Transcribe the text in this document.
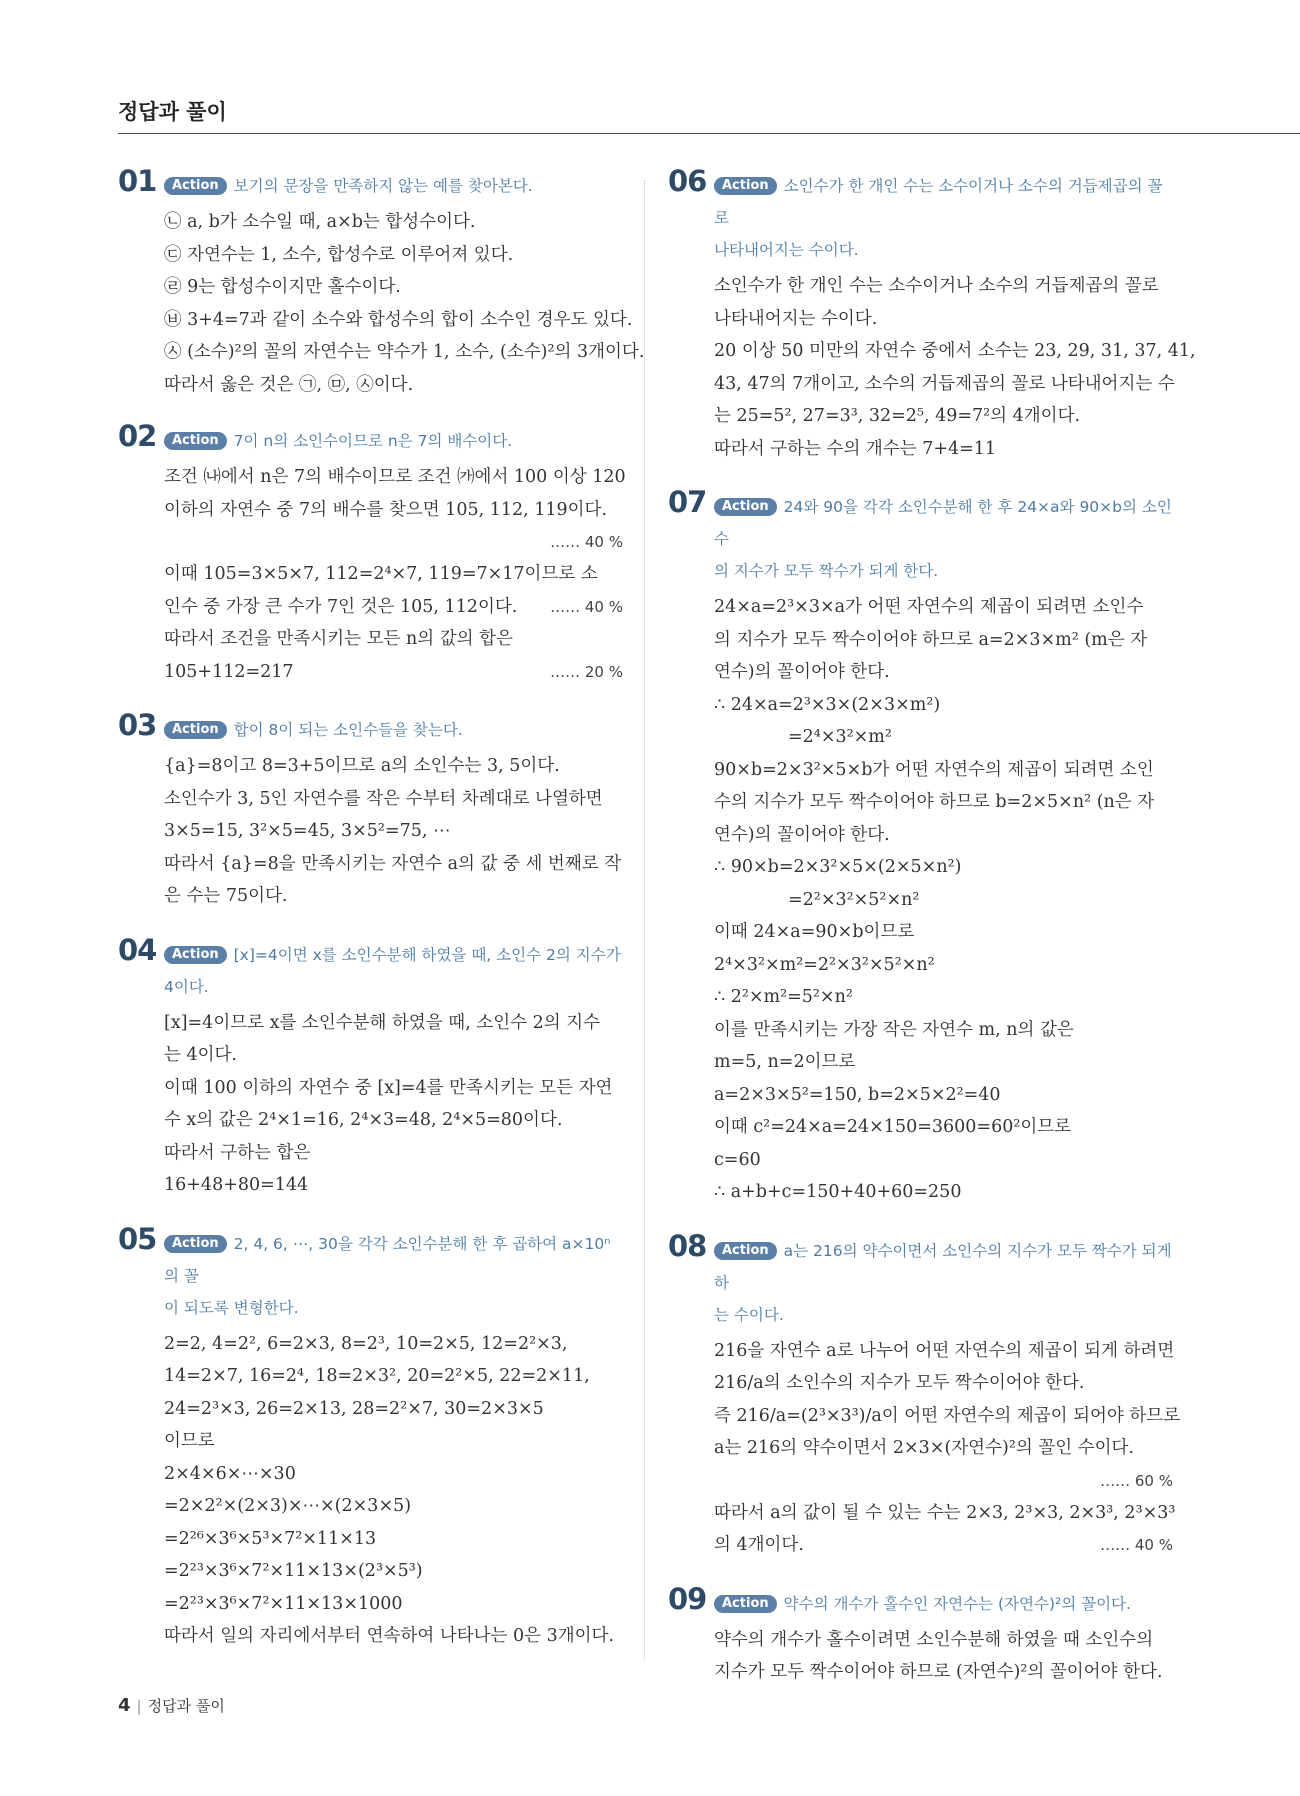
정답과 풀이
01	Action 보기의 문장을 만족하지 않는 예를 찾아본다.
㉡ a, b가 소수일 때, a×b는 합성수이다.
㉢ 자연수는 1, 소수, 합성수로 이루어져 있다.
㉣ 9는 합성수이지만 홀수이다.
㉥ 3+4=7과 같이 소수와 합성수의 합이 소수인 경우도 있다.
㉦ (소수)²의 꼴의 자연수는 약수가 1, 소수, (소수)²의 3개이다.
따라서 옳은 것은 ㉠, ㉤, ㉦이다.
02	Action 7이 n의 소인수이므로 n은 7의 배수이다.
조건 ㈏에서 n은 7의 배수이므로 조건 ㈎에서 100 이상 120
이하의 자연수 중 7의 배수를 찾으면 105, 112, 119이다.
…… 40 %
이때 105=3×5×7, 112=2⁴×7, 119=7×17이므로 소
인수 중 가장 큰 수가 7인 것은 105, 112이다. …… 40 %
따라서 조건을 만족시키는 모든 n의 값의 합은
105+112=217	…… 20 %
03	Action 합이 8이 되는 소인수들을 찾는다.
{a}=8이고 8=3+5이므로 a의 소인수는 3, 5이다.
소인수가 3, 5인 자연수를 작은 수부터 차례대로 나열하면
3×5=15, 3²×5=45, 3×5²=75, ⋯
따라서 {a}=8을 만족시키는 자연수 a의 값 중 세 번째로 작
은 수는 75이다.
04	Action [x]=4이면 x를 소인수분해 하였을 때, 소인수 2의 지수가
4이다.
[x]=4이므로 x를 소인수분해 하였을 때, 소인수 2의 지수
는 4이다.
이때 100 이하의 자연수 중 [x]=4를 만족시키는 모든 자연
수 x의 값은 2⁴×1=16, 2⁴×3=48, 2⁴×5=80이다.
따라서 구하는 합은
16+48+80=144
05	Action 2, 4, 6, ⋯, 30을 각각 소인수분해 한 후 곱하여 a×10ⁿ의 꼴
이 되도록 변형한다.
2=2, 4=2², 6=2×3, 8=2³, 10=2×5, 12=2²×3,
14=2×7, 16=2⁴, 18=2×3², 20=2²×5, 22=2×11,
24=2³×3, 26=2×13, 28=2²×7, 30=2×3×5
이므로
2×4×6×⋯×30
=2×2²×(2×3)×⋯×(2×3×5)
=2²⁶×3⁶×5³×7²×11×13
=2²³×3⁶×7²×11×13×(2³×5³)
=2²³×3⁶×7²×11×13×1000
따라서 일의 자리에서부터 연속하여 나타나는 0은 3개이다.
06	Action 소인수가 한 개인 수는 소수이거나 소수의 거듭제곱의 꼴로
나타내어지는 수이다.
소인수가 한 개인 수는 소수이거나 소수의 거듭제곱의 꼴로
나타내어지는 수이다.
20 이상 50 미만의 자연수 중에서 소수는 23, 29, 31, 37, 41,
43, 47의 7개이고, 소수의 거듭제곱의 꼴로 나타내어지는 수
는 25=5², 27=3³, 32=2⁵, 49=7²의 4개이다.
따라서 구하는 수의 개수는 7+4=11
07	Action 24와 90을 각각 소인수분해 한 후 24×a와 90×b의 소인수
의 지수가 모두 짝수가 되게 한다.
24×a=2³×3×a가 어떤 자연수의 제곱이 되려면 소인수
의 지수가 모두 짝수이어야 하므로 a=2×3×m² (m은 자
연수)의 꼴이어야 한다.
∴ 24×a=2³×3×(2×3×m²)
=2⁴×3²×m²
90×b=2×3²×5×b가 어떤 자연수의 제곱이 되려면 소인
수의 지수가 모두 짝수이어야 하므로 b=2×5×n² (n은 자
연수)의 꼴이어야 한다.
∴ 90×b=2×3²×5×(2×5×n²)
=2²×3²×5²×n²
이때 24×a=90×b이므로
2⁴×3²×m²=2²×3²×5²×n²
∴ 2²×m²=5²×n²
이를 만족시키는 가장 작은 자연수 m, n의 값은
m=5, n=2이므로
a=2×3×5²=150, b=2×5×2²=40
이때 c²=24×a=24×150=3600=60²이므로
c=60
∴ a+b+c=150+40+60=250
08	Action a는 216의 약수이면서 소인수의 지수가 모두 짝수가 되게 하
는 수이다.
216을 자연수 a로 나누어 어떤 자연수의 제곱이 되게 하려면
216/a의 소인수의 지수가 모두 짝수이어야 한다.
즉 216/a=(2³×3³)/a이 어떤 자연수의 제곱이 되어야 하므로
a는 216의 약수이면서 2×3×(자연수)²의 꼴인 수이다.
…… 60 %
따라서 a의 값이 될 수 있는 수는 2×3, 2³×3, 2×3³, 2³×3³
의 4개이다.	…… 40 %
09	Action 약수의 개수가 홀수인 자연수는 (자연수)²의 꼴이다.
약수의 개수가 홀수이려면 소인수분해 하였을 때 소인수의
지수가 모두 짝수이어야 하므로 (자연수)²의 꼴이어야 한다.
4 | 정답과 풀이
